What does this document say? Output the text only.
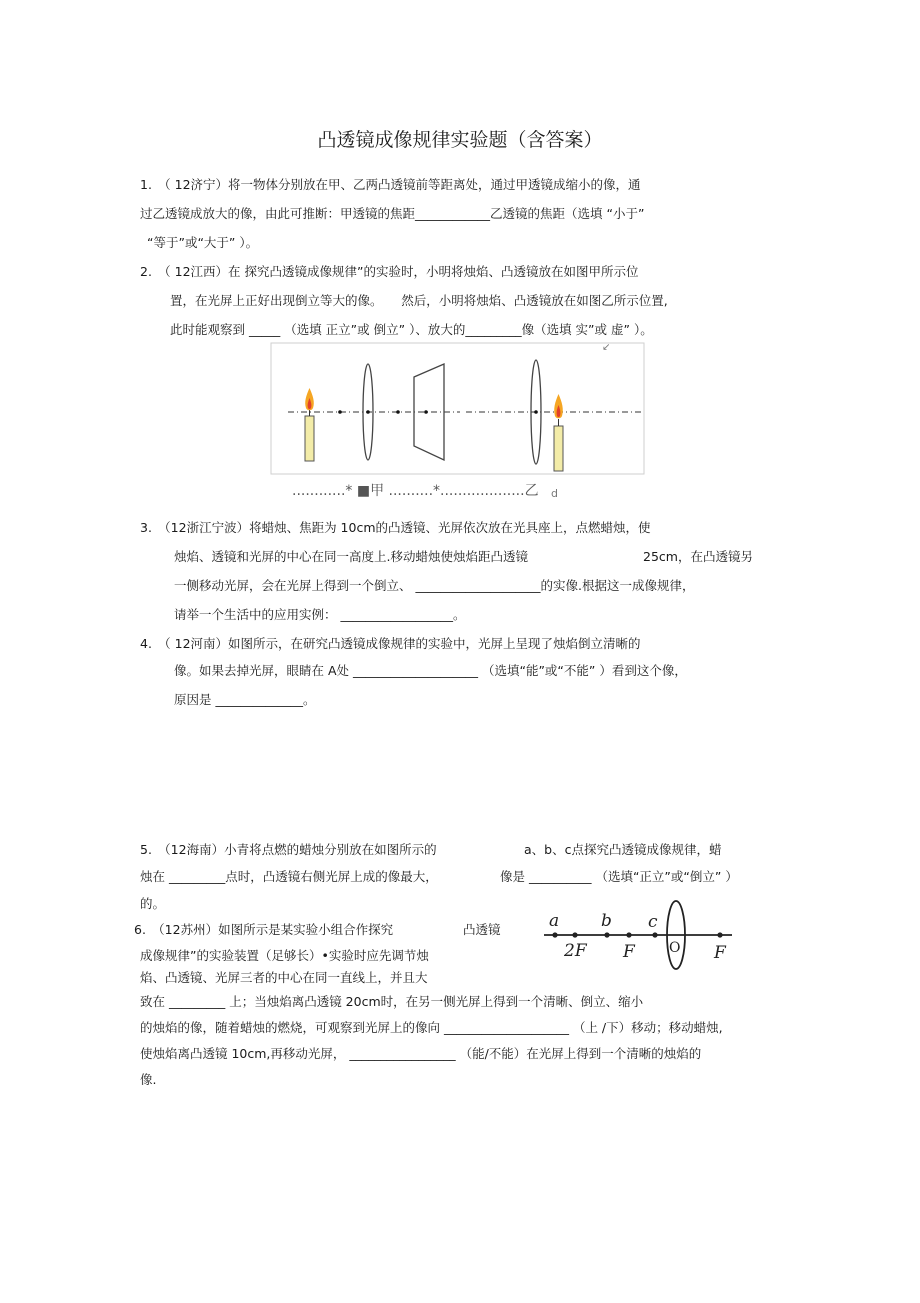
凸透镜成像规律实验题（含答案）
1.　（ 12济宁）将一物体分别放在甲、乙两凸透镜前等距离处，通过甲透镜成缩小的像，通
过乙透镜成放大的像，由此可推断：甲透镜的焦距____________乙透镜的焦距（选填 “小于”
“等于”或“大于” ）。
2.　（ 12江西）在 探究凸透镜成像规律”的实验时，小明将烛焰、凸透镜放在如图甲所示位
置，在光屏上正好出现倒立等大的像。　　然后，小明将烛焰、凸透镜放在如图乙所示位置,
此时能观察到 _____ （选填 正立”或 倒立” ）、放大的_________像（选填 实”或 虚” ）。
↙
............* ■甲 ..........*...................乙 d
3.　（12浙江宁波）将蜡烛、焦距为 10cm的凸透镜、光屏依次放在光具座上，点燃蜡烛，使
烛焰、透镜和光屏的中心在同一高度上.移动蜡烛使烛焰距凸透镜	25cm，在凸透镜另
一侧移动光屏，会在光屏上得到一个倒立、 ____________________的实像.根据这一成像规律，
请举一个生活中的应用实例： __________________。
4.　（ 12河南）如图所示，在研究凸透镜成像规律的实验中，光屏上呈现了烛焰倒立清晰的
像。如果去掉光屏，眼睛在 A处 ____________________ （选填“能”或“不能” ）看到这个像，
原因是 ______________。
5.　（12海南）小青将点燃的蜡烛分别放在如图所示的	a、b、c点探究凸透镜成像规律，蜡
烛在 _________点时，凸透镜右侧光屏上成的像最大，	像是 __________ （选填“正立”或“倒立” ）
的。
6.　（12苏州）如图所示是某实验小组合作探究	凸透镜
成像规律”的实验装置（足够长）•实验时应先调节烛
焰、凸透镜、光屏三者的中心在同一直线上，并且大
致在 _________ 上；当烛焰离凸透镜 20cm时，在另一侧光屏上得到一个清晰、倒立、缩小
的烛焰的像，随着蜡烛的燃烧，可观察到光屏上的像向 ____________________ （上 /下）移动；移动蜡烛,
使烛焰离凸透镜 10cm,再移动光屏， _________________ （能/不能）在光屏上得到一个清晰的烛焰的
像.
a b c
2F F O F
